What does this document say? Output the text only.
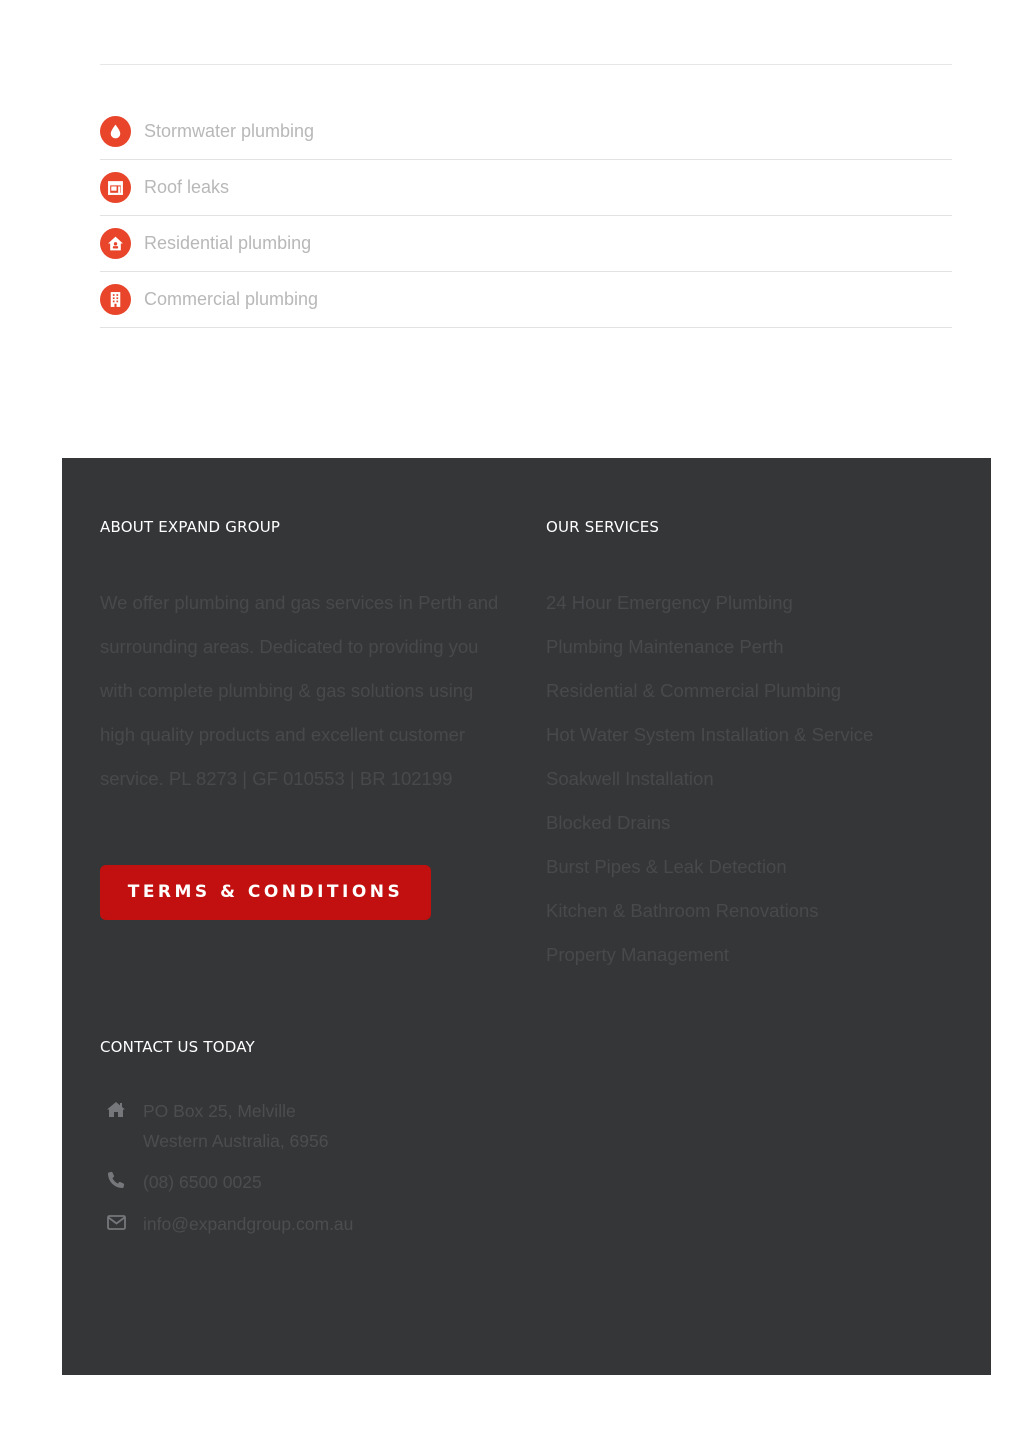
Stormwater plumbing
Roof leaks
Residential plumbing
Commercial plumbing
ABOUT EXPAND GROUP

We offer plumbing and gas services in Perth and surrounding areas. Dedicated to providing you with complete plumbing & gas solutions using high quality products and excellent customer service. PL 8273 | GF 010553 | BR 102199

TERMS & CONDITIONS
OUR SERVICES
24 Hour Emergency Plumbing
Plumbing Maintenance Perth
Residential & Commercial Plumbing
Hot Water System Installation & Service
Soakwell Installation
Blocked Drains
Burst Pipes & Leak Detection
Kitchen & Bathroom Renovations
Property Management
CONTACT US TODAY
PO Box 25, Melville
Western Australia, 6956
(08) 6500 0025
info@expandgroup.com.au
